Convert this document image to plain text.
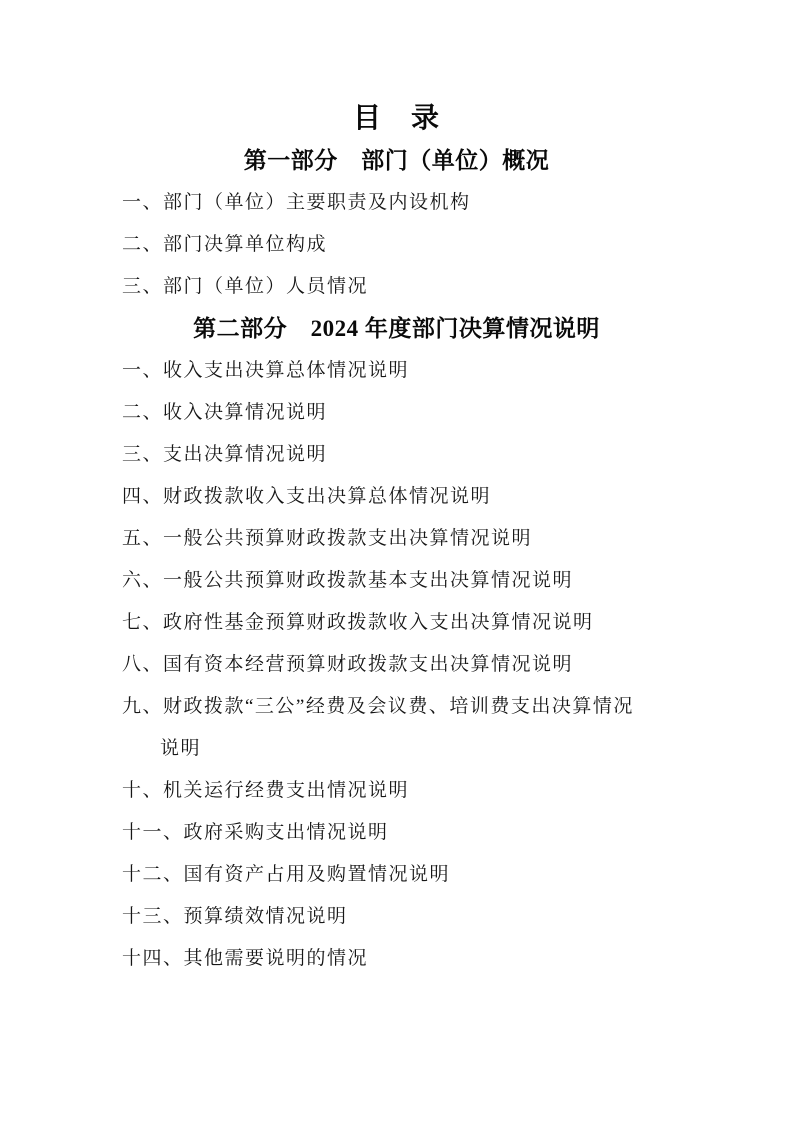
目　录
第一部分　部门（单位）概况
一、部门（单位）主要职责及内设机构
二、部门决算单位构成
三、部门（单位）人员情况
第二部分　2024 年度部门决算情况说明
一、收入支出决算总体情况说明
二、收入决算情况说明
三、支出决算情况说明
四、财政拨款收入支出决算总体情况说明
五、一般公共预算财政拨款支出决算情况说明
六、一般公共预算财政拨款基本支出决算情况说明
七、政府性基金预算财政拨款收入支出决算情况说明
八、国有资本经营预算财政拨款支出决算情况说明
九、财政拨款“三公”经费及会议费、培训费支出决算情况
说明
十、机关运行经费支出情况说明
十一、政府采购支出情况说明
十二、国有资产占用及购置情况说明
十三、预算绩效情况说明
十四、其他需要说明的情况
